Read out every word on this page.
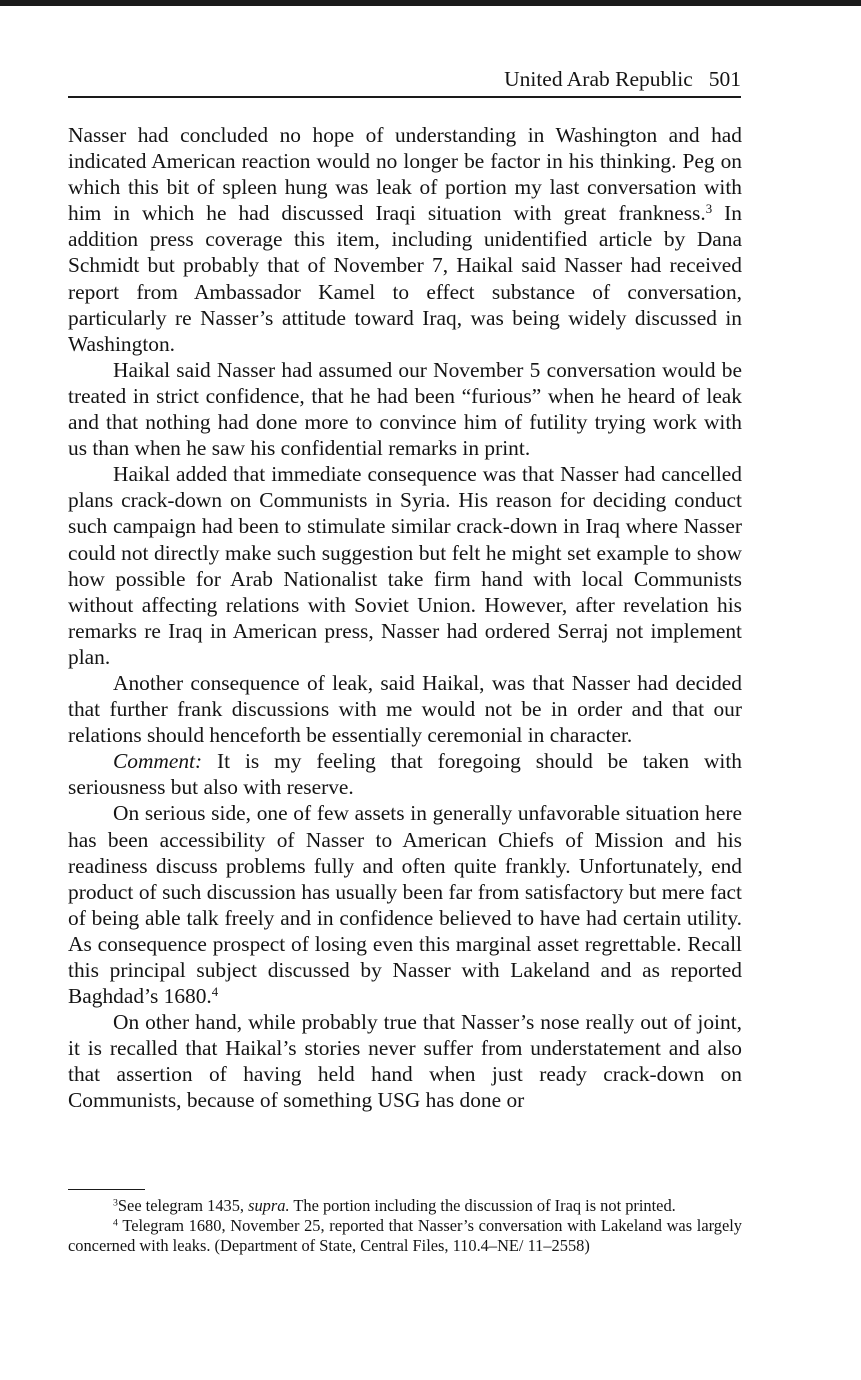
United Arab Republic 501

Nasser had concluded no hope of understanding in Washington and had indicated American reaction would no longer be factor in his thinking. Peg on which this bit of spleen hung was leak of portion my last conversation with him in which he had discussed Iraqi situation with great frankness.$^3$ In addition press coverage this item, including unidentified article by Dana Schmidt but probably that of November 7, Haikal said Nasser had received report from Ambassador Kamel to effect substance of conversation, particularly re Nasser’s attitude toward Iraq, was being widely discussed in Washington.

Haikal said Nasser had assumed our November 5 conversation would be treated in strict confidence, that he had been “furious” when he heard of leak and that nothing had done more to convince him of futility trying work with us than when he saw his confidential remarks in print.

Haikal added that immediate consequence was that Nasser had cancelled plans crack-down on Communists in Syria. His reason for deciding conduct such campaign had been to stimulate similar crack-down in Iraq where Nasser could not directly make such suggestion but felt he might set example to show how possible for Arab Nationalist take firm hand with local Communists without affecting relations with Soviet Union. However, after revelation his remarks re Iraq in American press, Nasser had ordered Serraj not implement plan.

Another consequence of leak, said Haikal, was that Nasser had decided that further frank discussions with me would not be in order and that our relations should henceforth be essentially ceremonial in character.

Comment: It is my feeling that foregoing should be taken with seriousness but also with reserve.

On serious side, one of few assets in generally unfavorable situation here has been accessibility of Nasser to American Chiefs of Mission and his readiness discuss problems fully and often quite frankly. Unfortunately, end product of such discussion has usually been far from satisfactory but mere fact of being able talk freely and in confidence believed to have had certain utility. As consequence prospect of losing even this marginal asset regrettable. Recall this principal subject discussed by Nasser with Lakeland and as reported Baghdad’s 1680.$^4$

On other hand, while probably true that Nasser’s nose really out of joint, it is recalled that Haikal’s stories never suffer from understatement and also that assertion of having held hand when just ready crack-down on Communists, because of something USG has done or

$^3$See telegram 1435, supra. The portion including the discussion of Iraq is not printed.

$^4$ Telegram 1680, November 25, reported that Nasser’s conversation with Lakeland was largely concerned with leaks. (Department of State, Central Files, 110.4–NE/ 11–2558)
